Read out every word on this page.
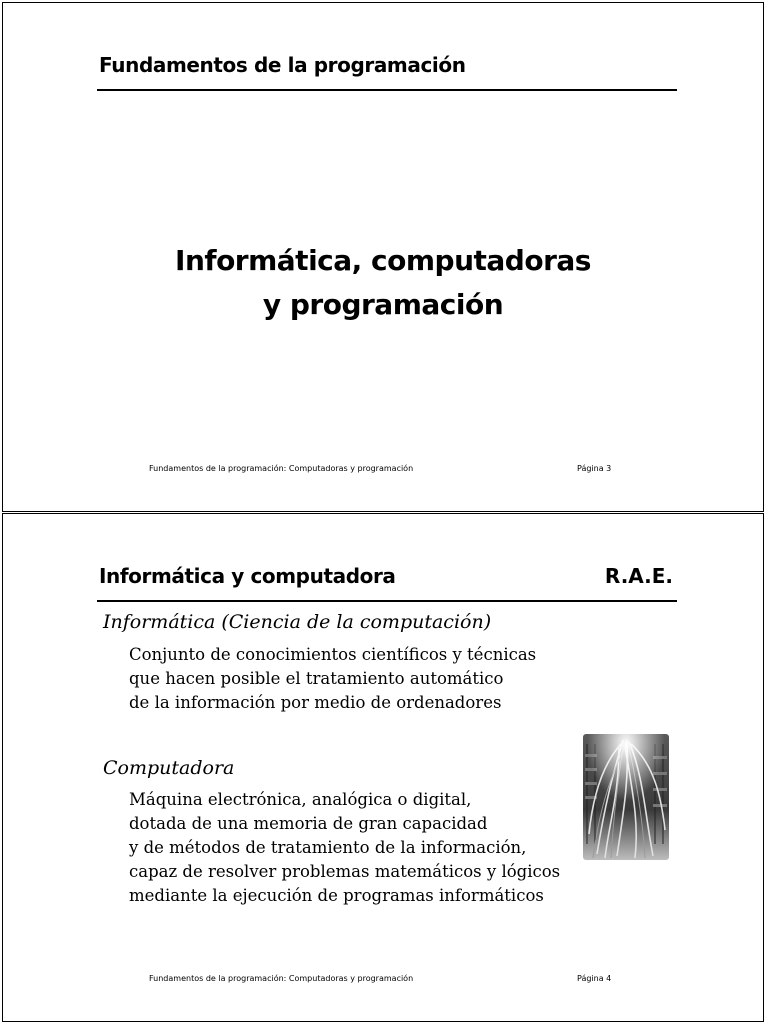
Fundamentos de la programación
Informática, computadoras
y programación
Fundamentos de la programación: Computadoras y programación	Página 3
Informática y computadora	R.A.E.
Informática (Ciencia de la computación)
Conjunto de conocimientos científicos y técnicas
que hacen posible el tratamiento automático
de la información por medio de ordenadores
Computadora
Máquina electrónica, analógica o digital,
dotada de una memoria de gran capacidad
y de métodos de tratamiento de la información,
capaz de resolver problemas matemáticos y lógicos
mediante la ejecución de programas informáticos
Fundamentos de la programación: Computadoras y programación	Página 4
